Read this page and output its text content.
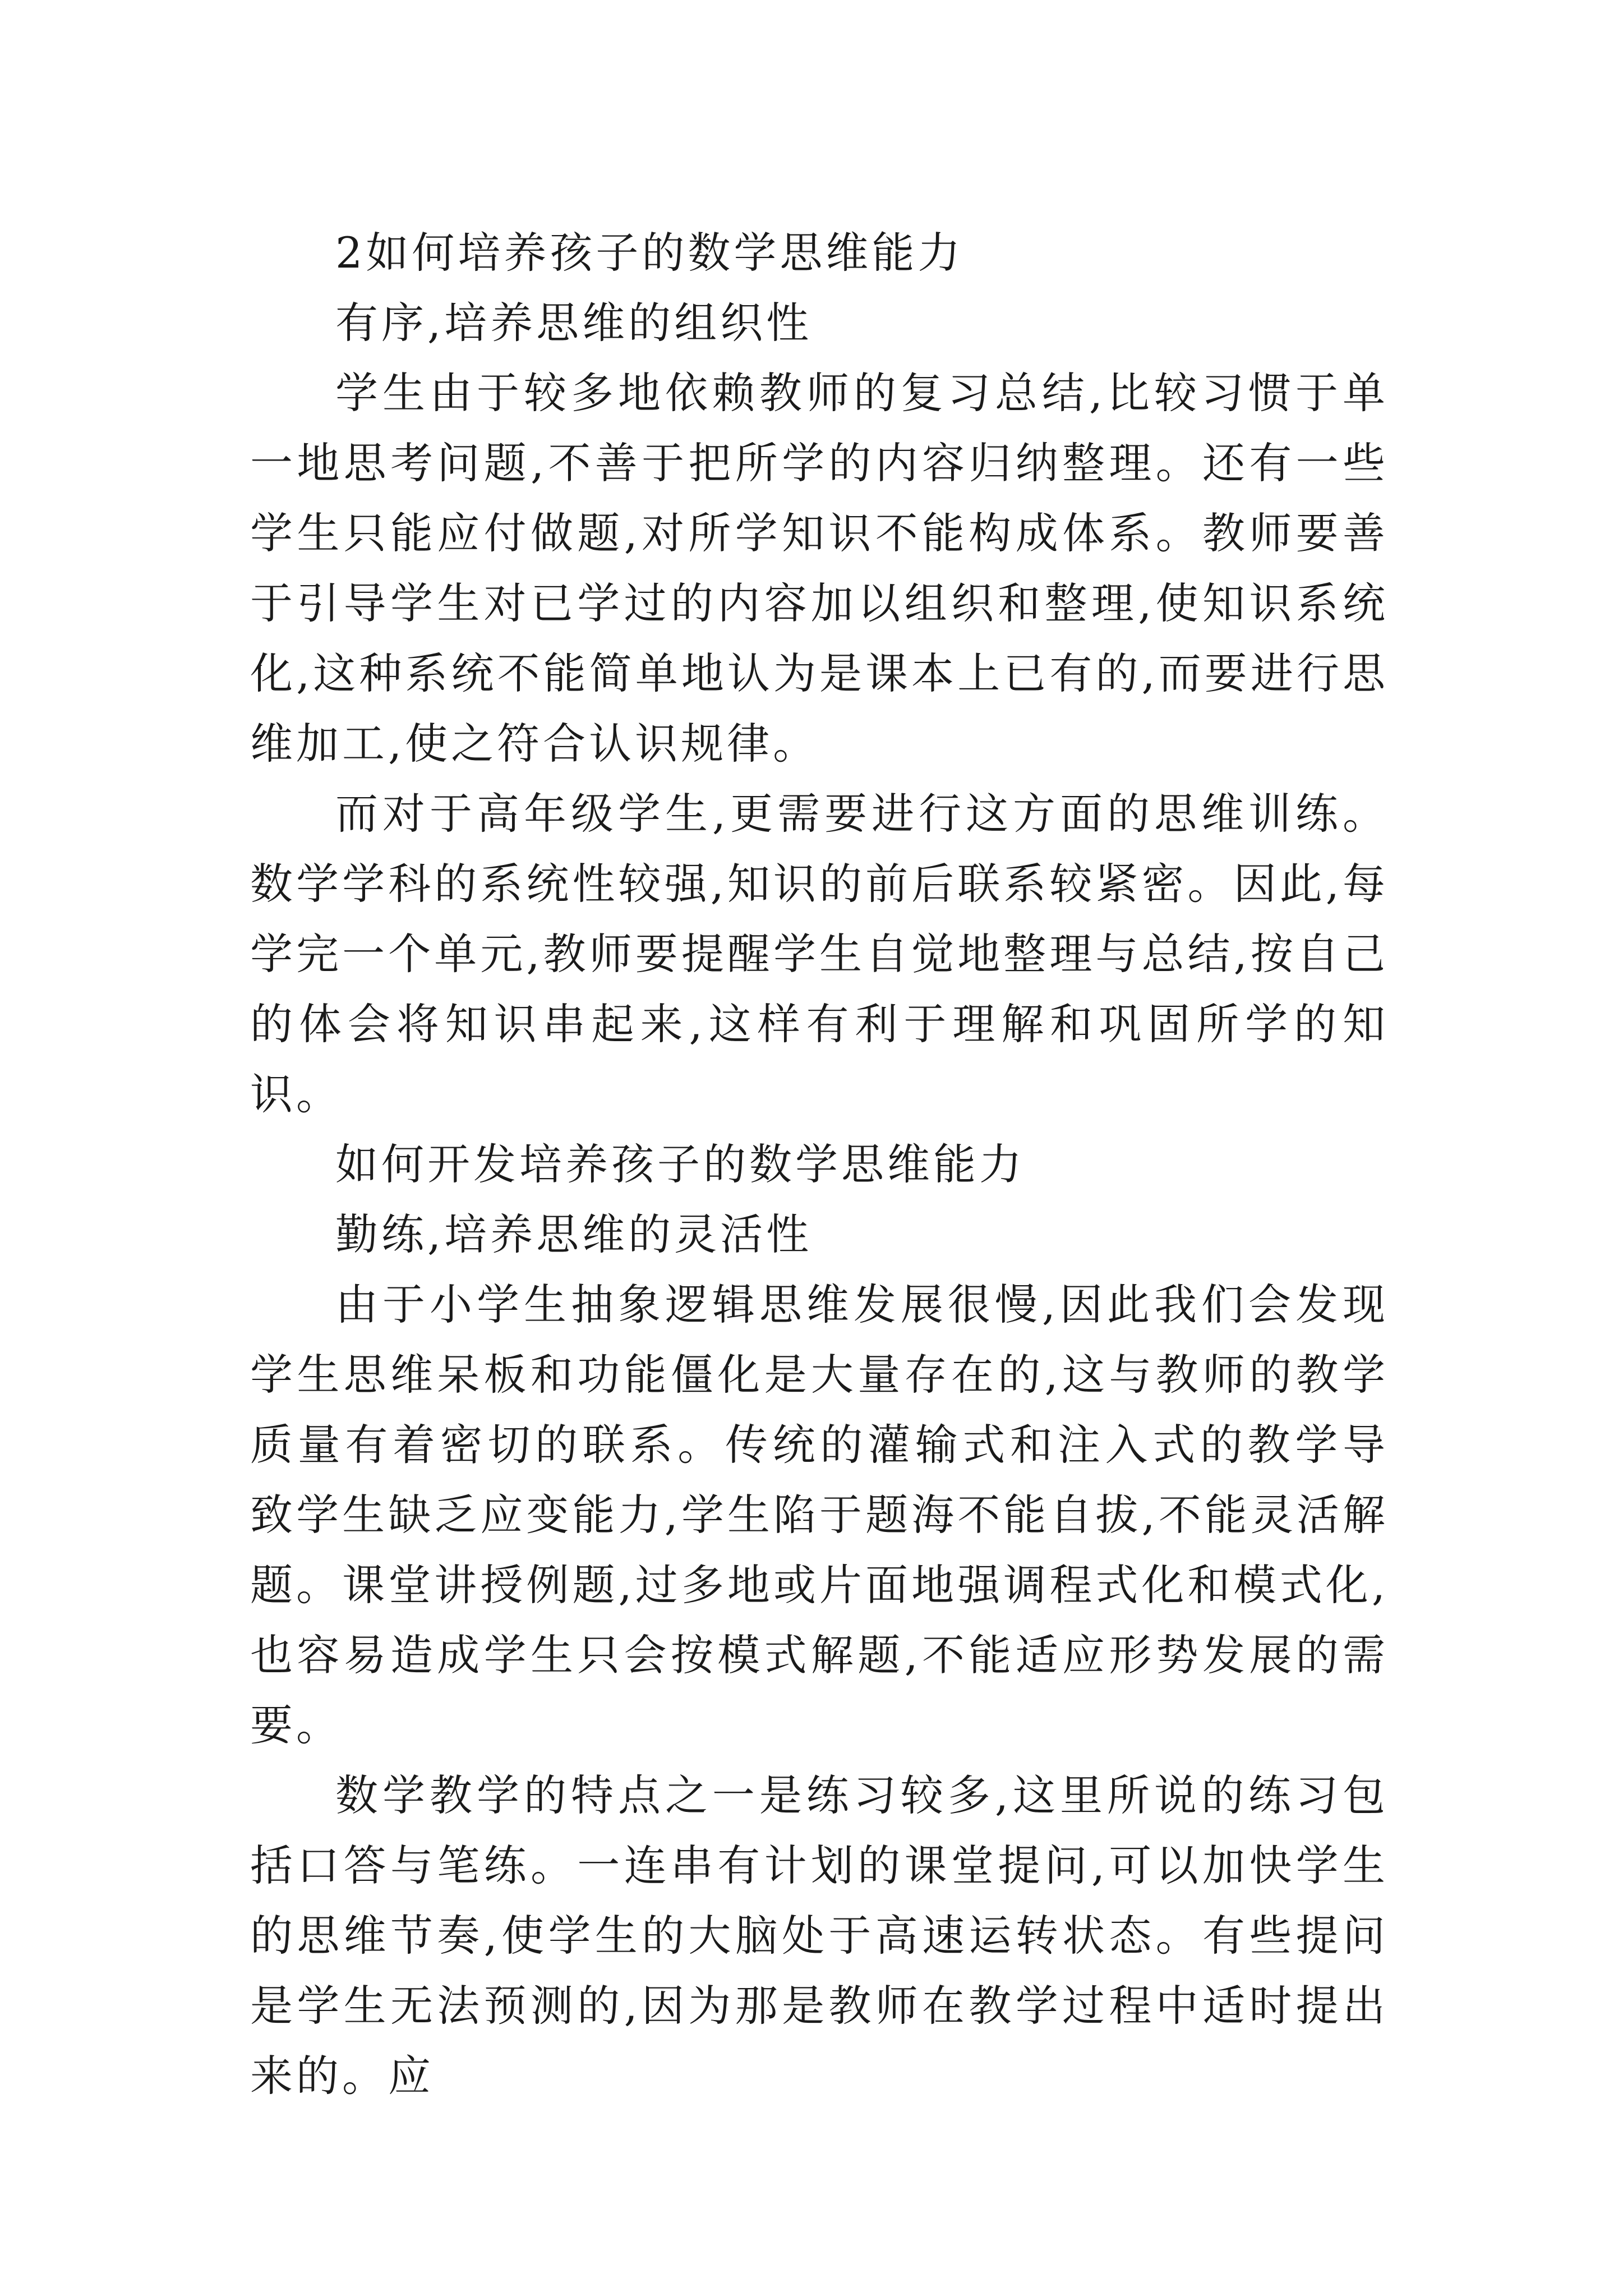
2如何培养孩子的数学思维能力

有序,培养思维的组织性

学生由于较多地依赖教师的复习总结,比较习惯于单一地思考问题,不善于把所学的内容归纳整理。还有一些学生只能应付做题,对所学知识不能构成体系。教师要善于引导学生对已学过的内容加以组织和整理,使知识系统化,这种系统不能简单地认为是课本上已有的,而要进行思维加工,使之符合认识规律。

而对于高年级学生,更需要进行这方面的思维训练。数学学科的系统性较强,知识的前后联系较紧密。因此,每学完一个单元,教师要提醒学生自觉地整理与总结,按自己的体会将知识串起来,这样有利于理解和巩固所学的知识。

如何开发培养孩子的数学思维能力

勤练,培养思维的灵活性

由于小学生抽象逻辑思维发展很慢,因此我们会发现学生思维呆板和功能僵化是大量存在的,这与教师的教学质量有着密切的联系。传统的灌输式和注入式的教学导致学生缺乏应变能力,学生陷于题海不能自拔,不能灵活解题。课堂讲授例题,过多地或片面地强调程式化和模式化,也容易造成学生只会按模式解题,不能适应形势发展的需要。

数学教学的特点之一是练习较多,这里所说的练习包括口答与笔练。一连串有计划的课堂提问,可以加快学生的思维节奏,使学生的大脑处于高速运转状态。有些提问是学生无法预测的,因为那是教师在教学过程中适时提出来的。应
